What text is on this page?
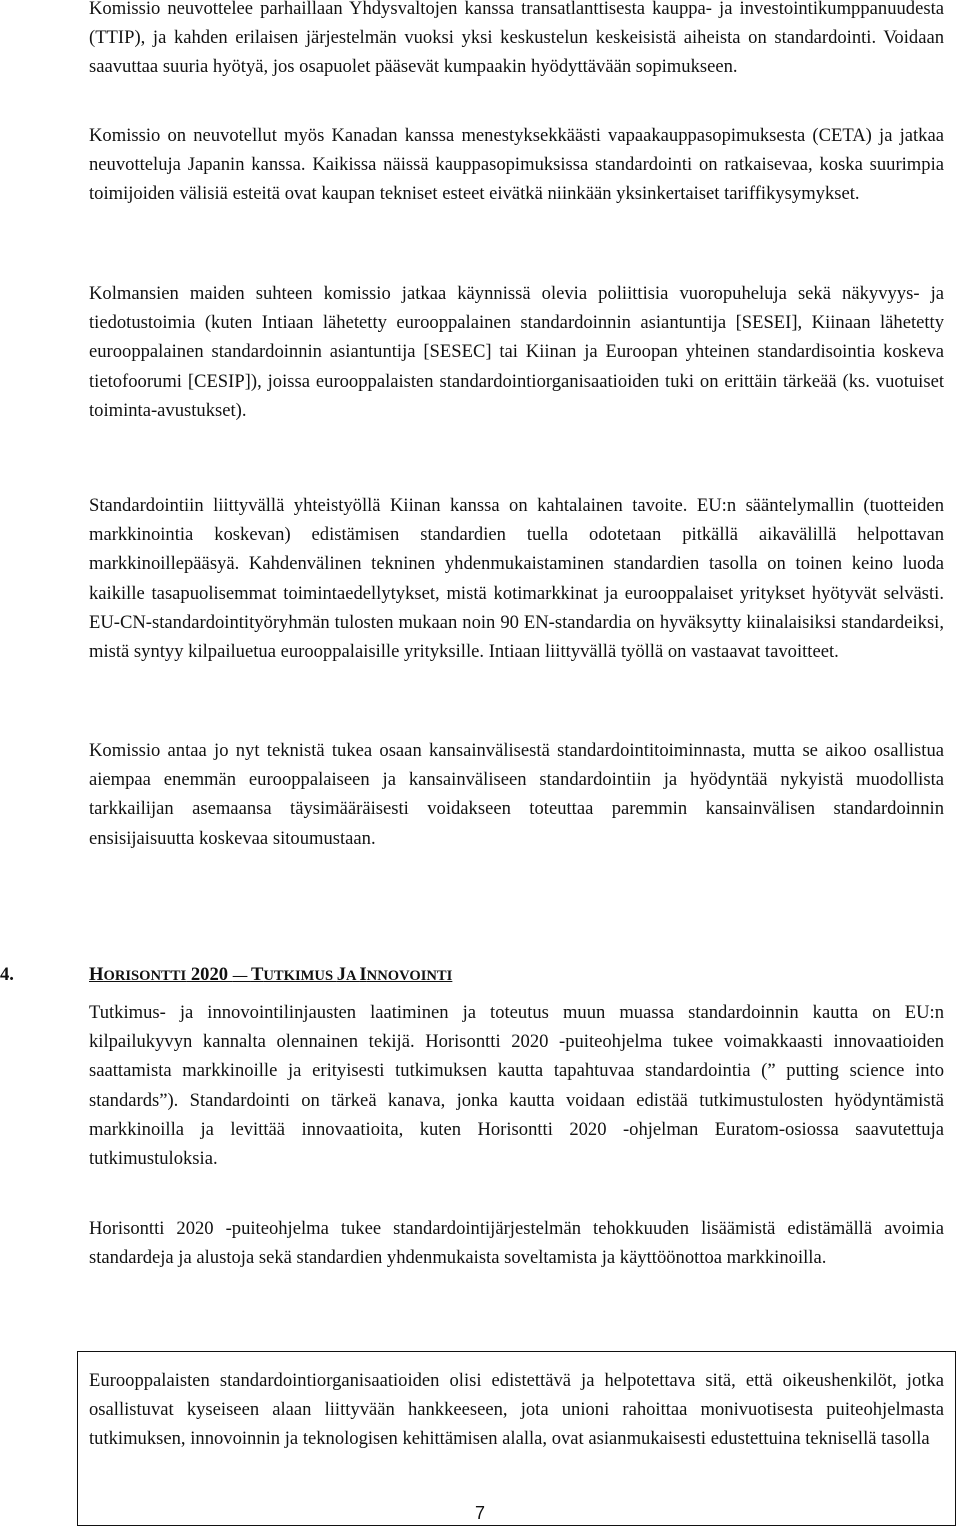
Komissio neuvottelee parhaillaan Yhdysvaltojen kanssa transatlanttisesta kauppa- ja investointikumppanuudesta (TTIP), ja kahden erilaisen järjestelmän vuoksi yksi keskustelun keskeisistä aiheista on standardointi. Voidaan saavuttaa suuria hyötyä, jos osapuolet pääsevät kumpaakin hyödyttävään sopimukseen.

Komissio on neuvotellut myös Kanadan kanssa menestyksekkäästi vapaakauppasopimuksesta (CETA) ja jatkaa neuvotteluja Japanin kanssa. Kaikissa näissä kauppasopimuksissa standardointi on ratkaisevaa, koska suurimpia toimijoiden välisiä esteitä ovat kaupan tekniset esteet eivätkä niinkään yksinkertaiset tariffikysymykset.

Kolmansien maiden suhteen komissio jatkaa käynnissä olevia poliittisia vuoropuheluja sekä näkyvyys- ja tiedotustoimia (kuten Intiaan lähetetty eurooppalainen standardoinnin asiantuntija [SESEI], Kiinaan lähetetty eurooppalainen standardoinnin asiantuntija [SESEC] tai Kiinan ja Euroopan yhteinen standardisointia koskeva tietofoorumi [CESIP]), joissa eurooppalaisten standardointiorganisaatioiden tuki on erittäin tärkeää (ks. vuotuiset toiminta-avustukset).

Standardointiin liittyvällä yhteistyöllä Kiinan kanssa on kahtalainen tavoite. EU:n sääntelymallin (tuotteiden markkinointia koskevan) edistämisen standardien tuella odotetaan pitkällä aikavälillä helpottavan markkinoillepääsyä. Kahdenvälinen tekninen yhdenmukaistaminen standardien tasolla on toinen keino luoda kaikille tasapuolisemmat toimintaedellytykset, mistä kotimarkkinat ja eurooppalaiset yritykset hyötyvät selvästi. EU-CN-standardointityöryhmän tulosten mukaan noin 90 EN-standardia on hyväksytty kiinalaisiksi standardeiksi, mistä syntyy kilpailuetua eurooppalaisille yrityksille. Intiaan liittyvällä työllä on vastaavat tavoitteet.

Komissio antaa jo nyt teknistä tukea osaan kansainvälisestä standardointitoiminnasta, mutta se aikoo osallistua aiempaa enemmän eurooppalaiseen ja kansainväliseen standardointiin ja hyödyntää nykyistä muodollista tarkkailijan asemaansa täysimääräisesti voidakseen toteuttaa paremmin kansainvälisen standardoinnin ensisijaisuutta koskevaa sitoumustaan.

4.	HORISONTTI 2020 — TUTKIMUS JA INNOVOINTI

Tutkimus- ja innovointilinjausten laatiminen ja toteutus muun muassa standardoinnin kautta on EU:n kilpailukyvyn kannalta olennainen tekijä. Horisontti 2020 -puiteohjelma tukee voimakkaasti innovaatioiden saattamista markkinoille ja erityisesti tutkimuksen kautta tapahtuvaa standardointia (” putting science into standards”). Standardointi on tärkeä kanava, jonka kautta voidaan edistää tutkimustulosten hyödyntämistä markkinoilla ja levittää innovaatioita, kuten Horisontti 2020 -ohjelman Euratom-osiossa saavutettuja tutkimustuloksia.

Horisontti 2020 -puiteohjelma tukee standardointijärjestelmän tehokkuuden lisäämistä edistämällä avoimia standardeja ja alustoja sekä standardien yhdenmukaista soveltamista ja käyttöönottoa markkinoilla.

Eurooppalaisten standardointiorganisaatioiden olisi edistettävä ja helpotettava sitä, että oikeushenkilöt, jotka osallistuvat kyseiseen alaan liittyvään hankkeeseen, jota unioni rahoittaa monivuotisesta puiteohjelmasta tutkimuksen, innovoinnin ja teknologisen kehittämisen alalla, ovat asianmukaisesti edustettuina teknisellä tasolla

7
